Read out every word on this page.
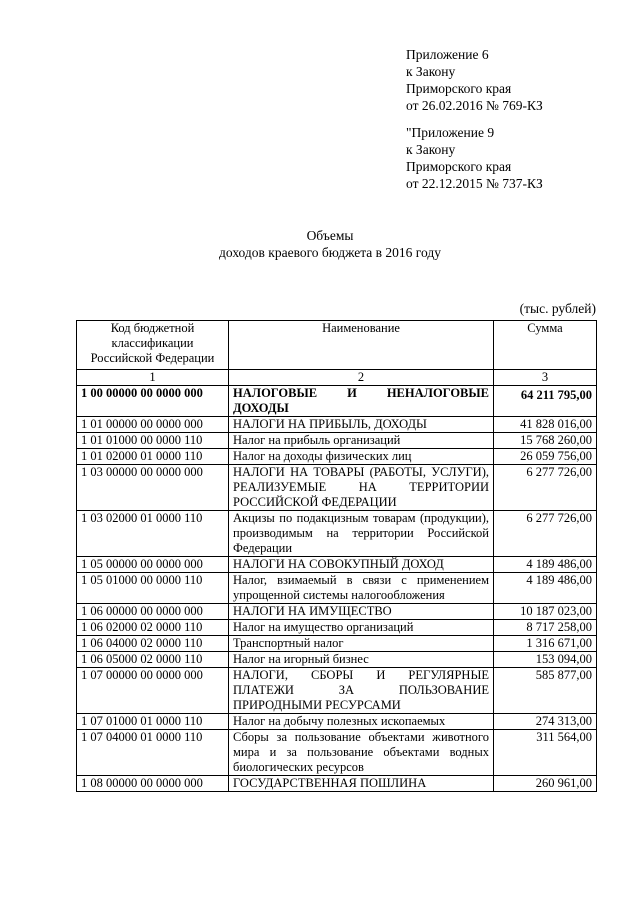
Приложение 6
к Закону
Приморского края
от 26.02.2016 № 769-КЗ
"Приложение 9
к Закону
Приморского края
от 22.12.2015 № 737-КЗ
Объемы
доходов краевого бюджета в 2016 году
(тыс. рублей)
Код бюджетной классификации Российской Федерации	Наименование	Сумма
1	2	3
1 00 00000 00 0000 000	НАЛОГОВЫЕ И НЕНАЛОГОВЫЕ ДОХОДЫ	64 211 795,00
1 01 00000 00 0000 000	НАЛОГИ НА ПРИБЫЛЬ, ДОХОДЫ	41 828 016,00
1 01 01000 00 0000 110	Налог на прибыль организаций	15 768 260,00
1 01 02000 01 0000 110	Налог на доходы физических лиц	26 059 756,00
1 03 00000 00 0000 000	НАЛОГИ НА ТОВАРЫ (РАБОТЫ, УСЛУГИ), РЕАЛИЗУЕМЫЕ НА ТЕРРИТОРИИ РОССИЙСКОЙ ФЕДЕРАЦИИ	6 277 726,00
1 03 02000 01 0000 110	Акцизы по подакцизным товарам (продукции), производимым на территории Российской Федерации	6 277 726,00
1 05 00000 00 0000 000	НАЛОГИ НА СОВОКУПНЫЙ ДОХОД	4 189 486,00
1 05 01000 00 0000 110	Налог, взимаемый в связи с применением упрощенной системы налогообложения	4 189 486,00
1 06 00000 00 0000 000	НАЛОГИ НА ИМУЩЕСТВО	10 187 023,00
1 06 02000 02 0000 110	Налог на имущество организаций	8 717 258,00
1 06 04000 02 0000 110	Транспортный налог	1 316 671,00
1 06 05000 02 0000 110	Налог на игорный бизнес	153 094,00
1 07 00000 00 0000 000	НАЛОГИ, СБОРЫ И РЕГУЛЯРНЫЕ ПЛАТЕЖИ ЗА ПОЛЬЗОВАНИЕ ПРИРОДНЫМИ РЕСУРСАМИ	585 877,00
1 07 01000 01 0000 110	Налог на добычу полезных ископаемых	274 313,00
1 07 04000 01 0000 110	Сборы за пользование объектами животного мира и за пользование объектами водных биологических ресурсов	311 564,00
1 08 00000 00 0000 000	ГОСУДАРСТВЕННАЯ ПОШЛИНА	260 961,00
